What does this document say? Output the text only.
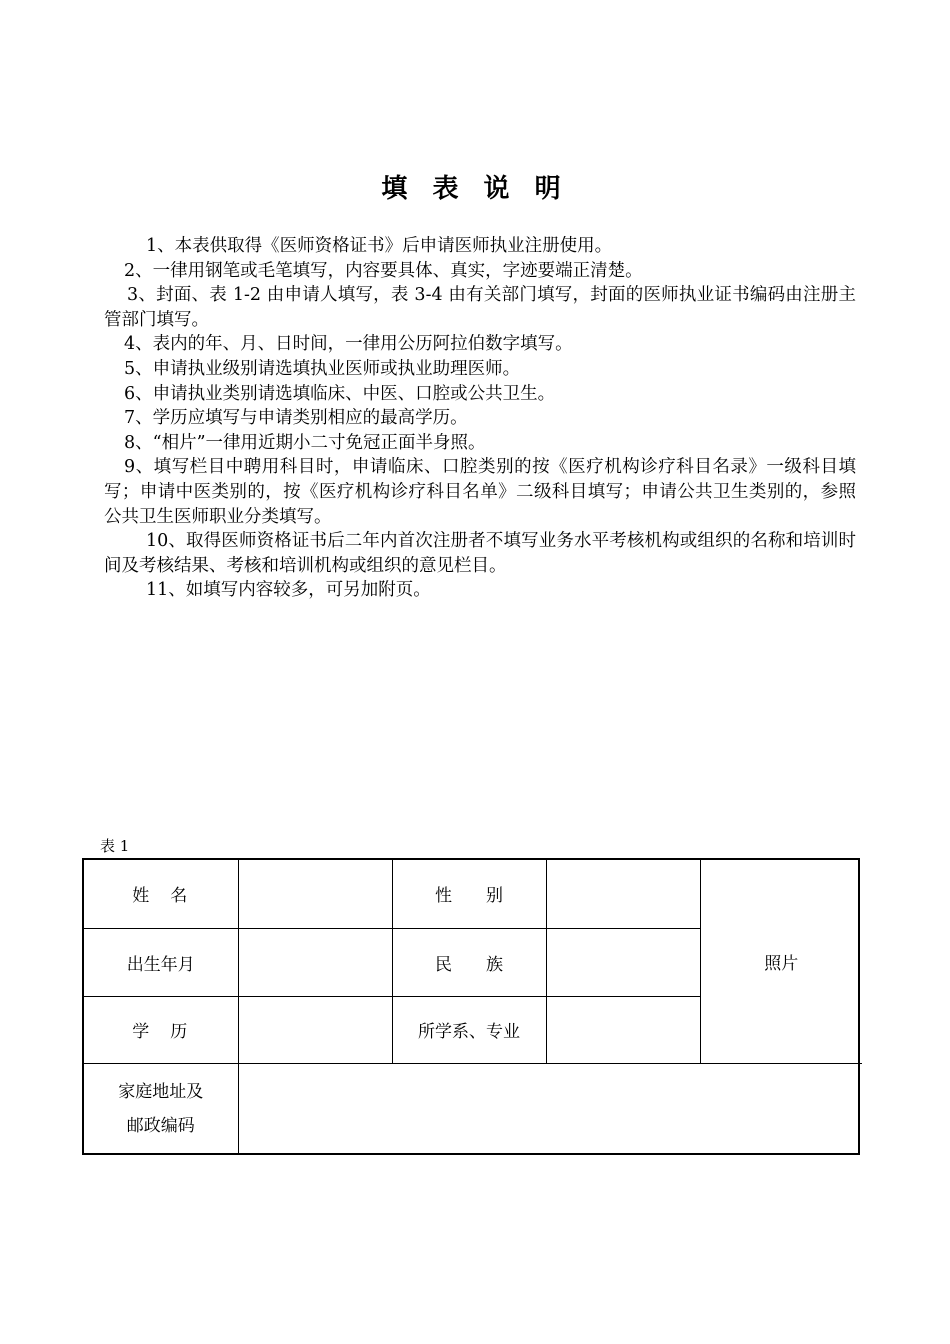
填 表 说 明

1、本表供取得《医师资格证书》后申请医师执业注册使用。

2、一律用钢笔或毛笔填写，内容要具体、真实，字迹要端正清楚。

3、封面、表 1-2 由申请人填写，表 3-4 由有关部门填写，封面的医师执业证书编码由注册主管部门填写。

4、表内的年、月、日时间，一律用公历阿拉伯数字填写。

5、申请执业级别请选填执业医师或执业助理医师。

6、申请执业类别请选填临床、中医、口腔或公共卫生。

7、学历应填写与申请类别相应的最高学历。

8、“相片”一律用近期小二寸免冠正面半身照。

9、填写栏目中聘用科目时，申请临床、口腔类别的按《医疗机构诊疗科目名录》一级科目填写；申请中医类别的，按《医疗机构诊疗科目名单》二级科目填写；申请公共卫生类别的，参照公共卫生医师职业分类填写。

10、取得医师资格证书后二年内首次注册者不填写业务水平考核机构或组织的名称和培训时间及考核结果、考核和培训机构或组织的意见栏目。

11、如填写内容较多，可另加附页。

表 1
姓　名		性　　别		照片
出生年月		民　　族		
学　历		所学系、专业		

家庭地址及
邮政编码				
